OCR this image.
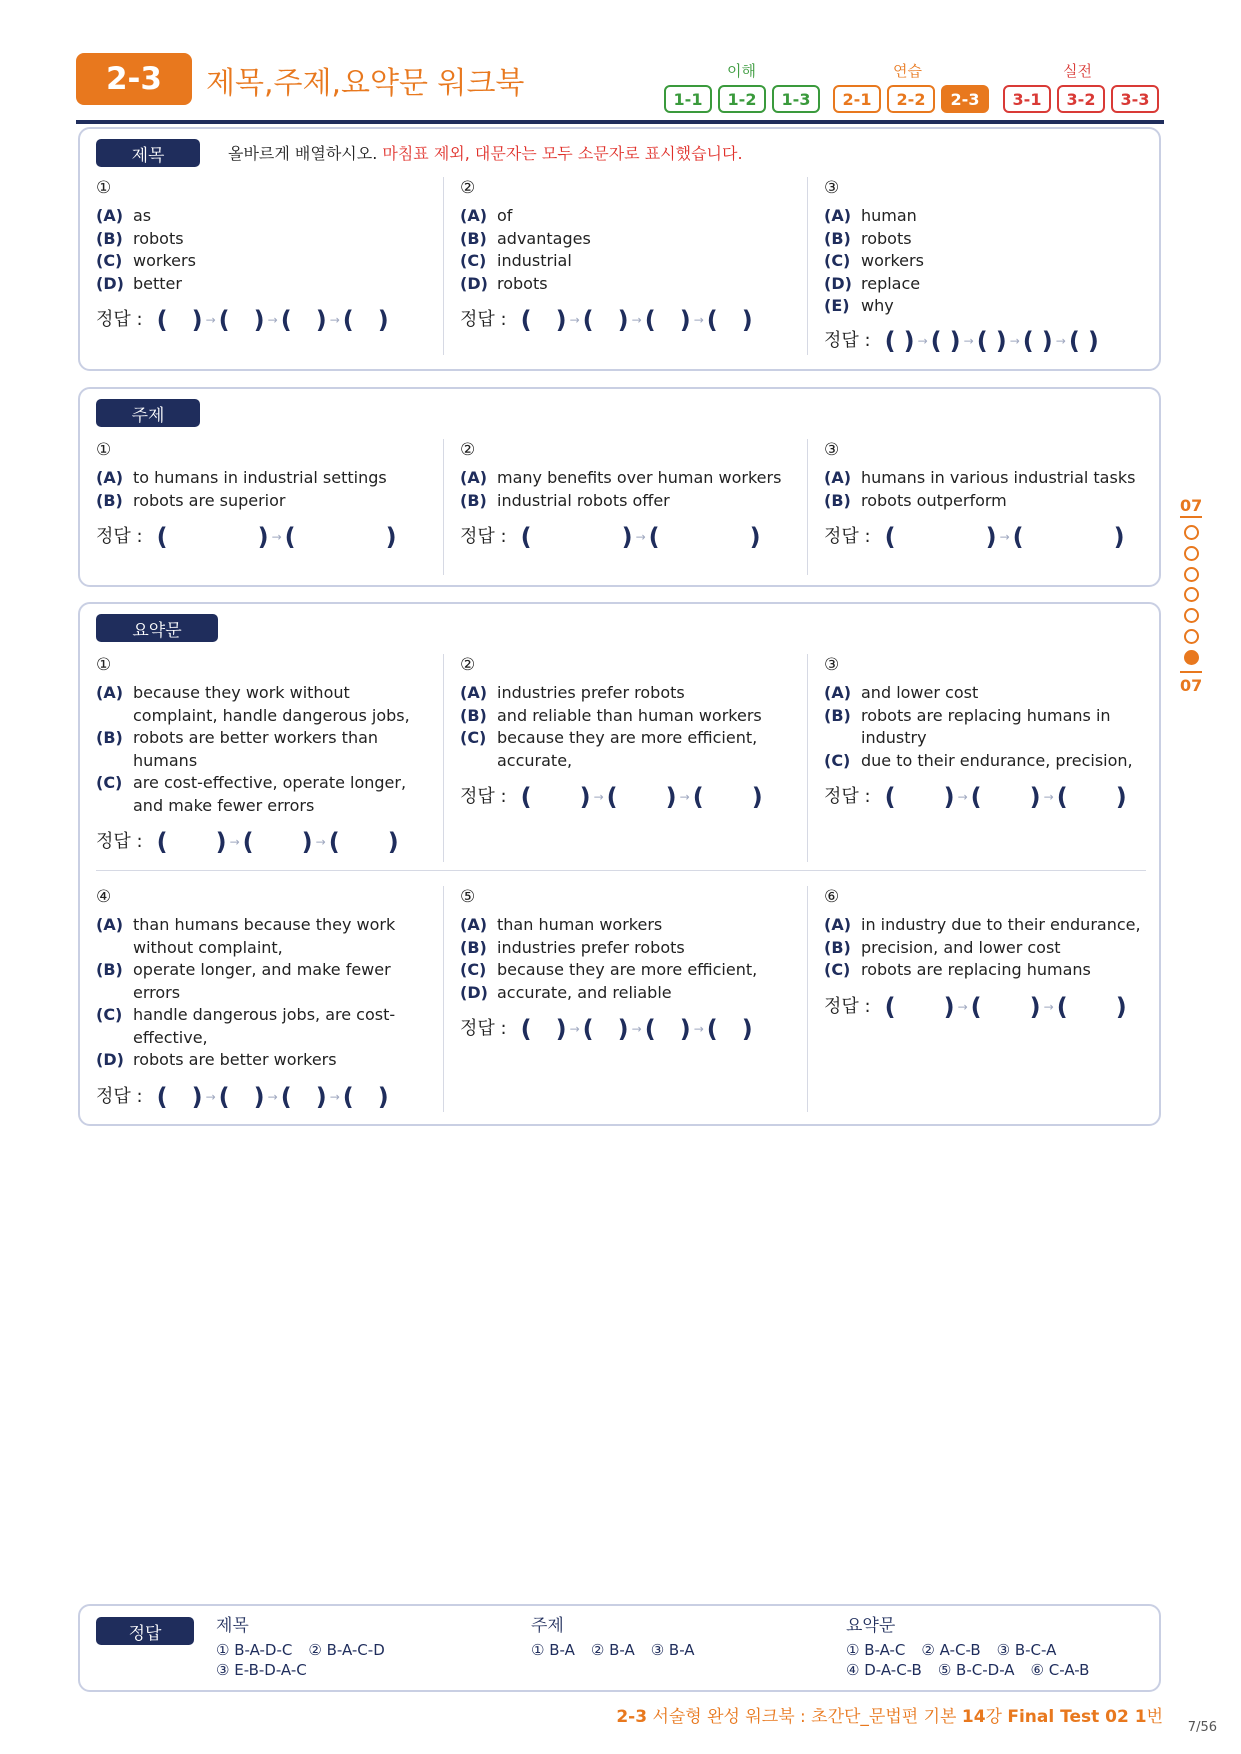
2-3	제목,주제,요약문 워크북	이해	연습	실전
1-1	1-2	1-3	2-1	2-2	2-3	3-1	3-2	3-3
제목	올바르게 배열하시오. 마침표 제외, 대문자는 모두 소문자로 표시했습니다.
①
(A) as
(B) robots
(C) workers
(D) better
정답 : ( ) → ( ) → ( ) → ( )
②
(A) of
(B) advantages
(C) industrial
(D) robots
정답 : ( ) → ( ) → ( ) → ( )
③
(A) human
(B) robots
(C) workers
(D) replace
(E) why
정답 : ( ) → ( ) → ( ) → ( ) → ( )
주제
①
(A) to humans in industrial settings
(B) robots are superior
정답 : (	) → (	)
②
(A) many benefits over human workers
(B) industrial robots offer
정답 : (	) → (	)
③
(A) humans in various industrial tasks
(B) robots outperform
정답 : (	) → (	)
요약문
①
(A) because they work without complaint, handle dangerous jobs,
(B) robots are better workers than humans
(C) are cost-effective, operate longer, and make fewer errors
정답 : ( ) → ( ) → ( )
②
(A) industries prefer robots
(B) and reliable than human workers
(C) because they are more efficient, accurate,
정답 : ( ) → ( ) → ( )
③
(A) and lower cost
(B) robots are replacing humans in industry
(C) due to their endurance, precision,
정답 : ( ) → ( ) → ( )
④
(A) than humans because they work without complaint,
(B) operate longer, and make fewer errors
(C) handle dangerous jobs, are cost-effective,
(D) robots are better workers
정답 : ( ) → ( ) → ( ) → ( )
⑤
(A) than human workers
(B) industries prefer robots
(C) because they are more efficient,
(D) accurate, and reliable
정답 : ( ) → ( ) → ( ) → ( )
⑥
(A) in industry due to their endurance,
(B) precision, and lower cost
(C) robots are replacing humans
정답 : ( ) → ( ) → ( )
07
07
정답	제목
① B-A-D-C ② B-A-C-D
③ E-B-D-A-C
주제
① B-A ② B-A ③ B-A
요약문
① B-A-C ② A-C-B ③ B-C-A
④ D-A-C-B ⑤ B-C-D-A ⑥ C-A-B
2-3 서술형 완성 워크북 : 초간단_문법편 기본 14강 Final Test 02 1번
7/56
